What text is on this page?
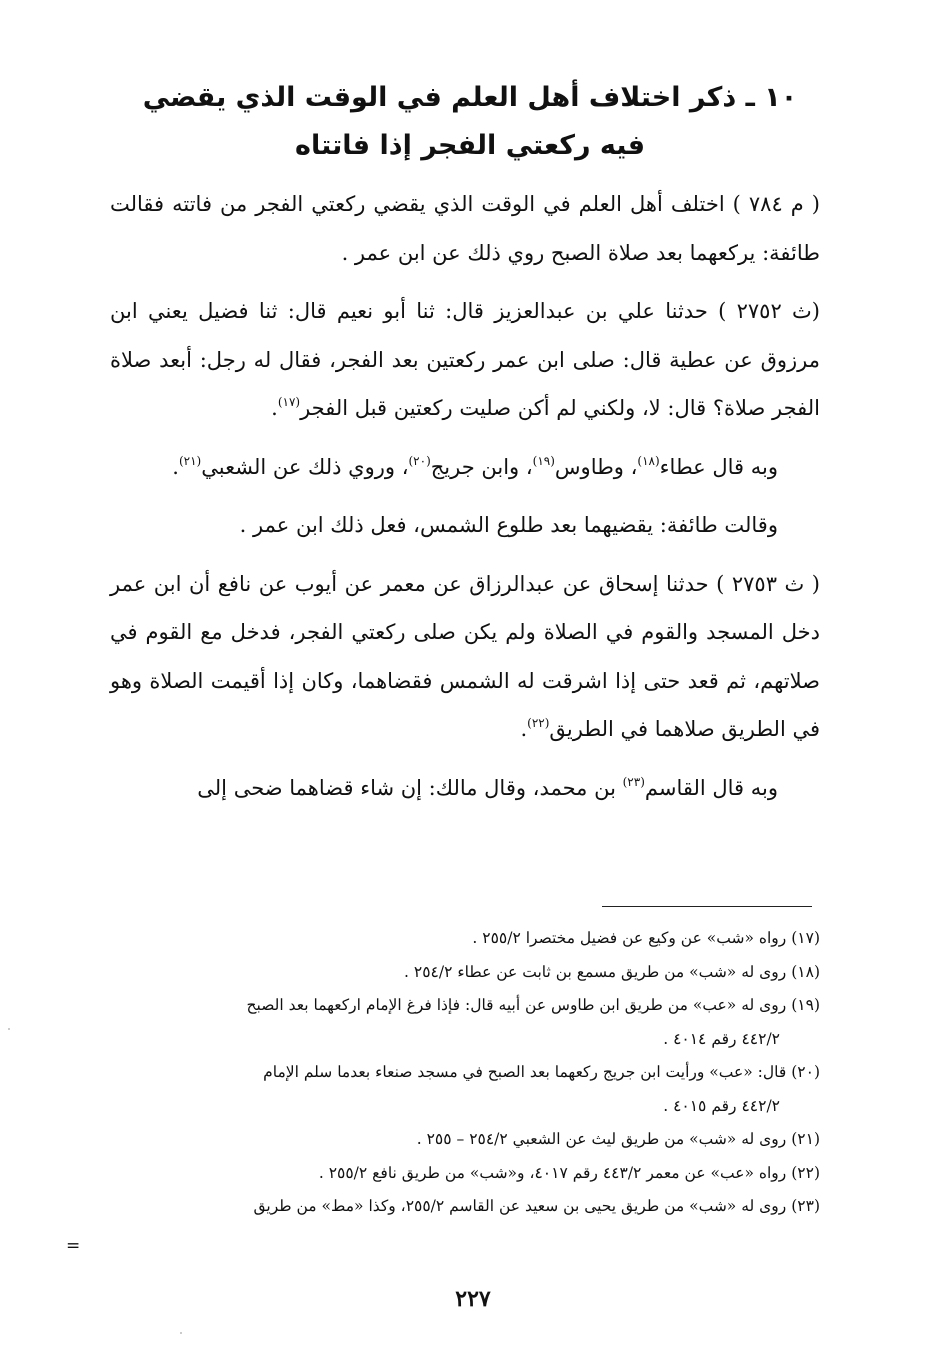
١٠ ـ ذكر اختلاف أهل العلم في الوقت الذي يقضي
فيه ركعتي الفجر إذا فاتتاه

( م ٧٨٤ ) اختلف أهل العلم في الوقت الذي يقضي ركعتي الفجر من فاتته فقالت طائفة: يركعهما بعد صلاة الصبح روي ذلك عن ابن عمر .

(ث ٢٧٥٢ ) حدثنا علي بن عبدالعزيز قال: ثنا أبو نعيم قال: ثنا فضيل يعني ابن مرزوق عن عطية قال: صلى ابن عمر ركعتين بعد الفجر، فقال له رجل: أبعد صلاة الفجر صلاة؟ قال: لا، ولكني لم أكن صليت ركعتين قبل الفجر$^{(١٧)}$.

وبه قال عطاء$^{(١٨)}$، وطاوس$^{(١٩)}$، وابن جريج$^{(٢٠)}$، وروي ذلك عن الشعبي$^{(٢١)}$.

وقالت طائفة: يقضيهما بعد طلوع الشمس، فعل ذلك ابن عمر .

( ث ٢٧٥٣ ) حدثنا إسحاق عن عبدالرزاق عن معمر عن أيوب عن نافع أن ابن عمر دخل المسجد والقوم في الصلاة ولم يكن صلى ركعتي الفجر، فدخل مع القوم في صلاتهم، ثم قعد حتى إذا اشرقت له الشمس فقضاهما، وكان إذا أقيمت الصلاة وهو في الطريق صلاهما في الطريق$^{(٢٢)}$.

وبه قال القاسم$^{(٢٣)}$ بن محمد، وقال مالك: إن شاء قضاهما ضحى إلى

(١٧) رواه «شب» عن وكيع عن فضيل مختصرا ٢٥٥/٢ .
(١٨) روى له «شب» من طريق مسمع بن ثابت عن عطاء ٢٥٤/٢ .
(١٩) روى له «عب» من طريق ابن طاوس عن أبيه قال: فإذا فرغ الإمام اركعهما بعد الصبح
٤٤٢/٢ رقم ٤٠١٤ .
(٢٠) قال: «عب» ورأيت ابن جريج ركعهما بعد الصبح في مسجد صنعاء بعدما سلم الإمام
٤٤٢/٢ رقم ٤٠١٥ .
(٢١) روى له «شب» من طريق ليث عن الشعبي ٢٥٤/٢ – ٢٥٥ .
(٢٢) رواه «عب» عن معمر ٤٤٣/٢ رقم ٤٠١٧، و«شب» من طريق نافع ٢٥٥/٢ .
(٢٣) روى له «شب» من طريق يحيى بن سعيد عن القاسم ٢٥٥/٢، وكذا «مط» من طريق
=
٢٢٧
